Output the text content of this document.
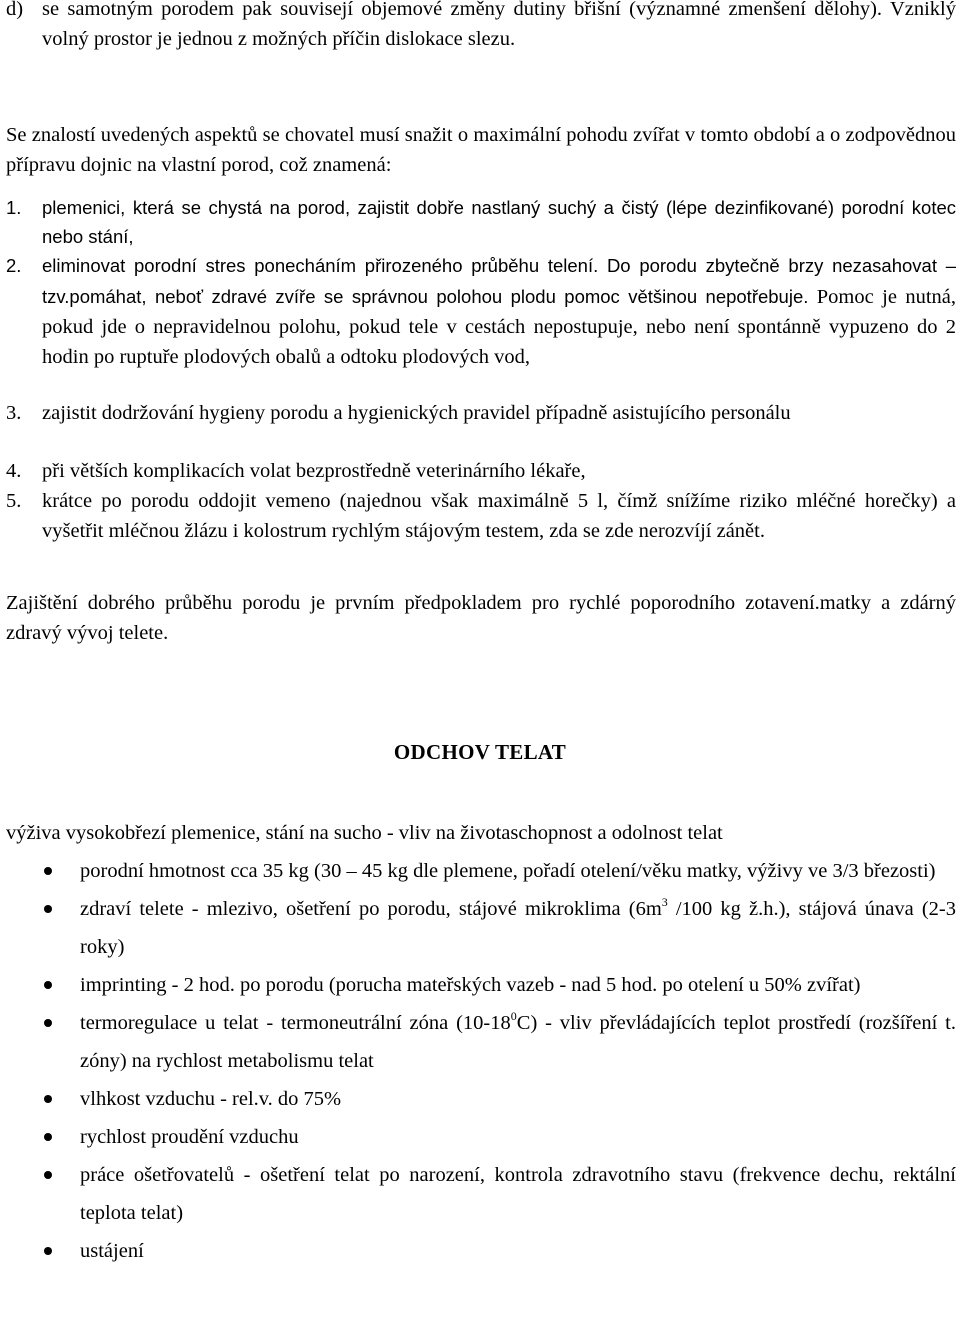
d) se samotným porodem pak souvisejí objemové změny dutiny břišní (významné zmenšení dělohy). Vzniklý volný prostor je jednou z možných příčin dislokace slezu.
Se znalostí uvedených aspektů se chovatel musí snažit o maximální pohodu zvířat v tomto období a o zodpovědnou přípravu dojnic na vlastní porod, což znamená:
1. plemenici, která se chystá na porod, zajistit dobře nastlaný suchý a čistý (lépe dezinfikované) porodní kotec nebo stání,
2. eliminovat porodní stres ponecháním přirozeného průběhu telení. Do porodu zbytečně brzy nezasahovat – tzv.pomáhat, neboť zdravé zvíře se správnou polohou plodu pomoc většinou nepotřebuje. Pomoc je nutná, pokud jde o nepravidelnou polohu, pokud tele v cestách nepostupuje, nebo není spontánně vypuzeno do 2 hodin po ruptuře plodových obalů a odtoku plodových vod,
3. zajistit dodržování hygieny porodu a hygienických pravidel případně asistujícího personálu
4. při větších komplikacích volat bezprostředně veterinárního lékaře,
5. krátce po porodu oddojit vemeno (najednou však maximálně 5 l, čímž snížíme riziko mléčné horečky) a vyšetřit mléčnou žlázu i kolostrum rychlým stájovým testem, zda se zde nerozvíjí zánět.
Zajištění dobrého průběhu porodu je prvním předpokladem pro rychlé poporodního zotavení.matky a zdárný zdravý vývoj telete.
ODCHOV TELAT
výživa vysokobřezí plemenice, stání na sucho - vliv na životaschopnost a odolnost telat
porodní hmotnost cca 35 kg (30 – 45 kg dle plemene, pořadí otelení/věku matky, výživy ve 3/3 březosti)
zdraví telete - mlezivo, ošetření po porodu, stájové mikroklima ($6m^3$ /100 kg ž.h.), stájová únava (2-3 roky)
imprinting - 2 hod. po porodu (porucha mateřských vazeb - nad 5 hod. po otelení u 50% zvířat)
termoregulace u telat - termoneutrální zóna $(10-18^0C)$ - vliv převládajících teplot prostředí (rozšíření t. zóny) na rychlost metabolismu telat
vlhkost vzduchu - rel.v. do 75%
rychlost proudění vzduchu
práce ošetřovatelů - ošetření telat po narození, kontrola zdravotního stavu (frekvence dechu, rektální teplota telat)
ustájení
